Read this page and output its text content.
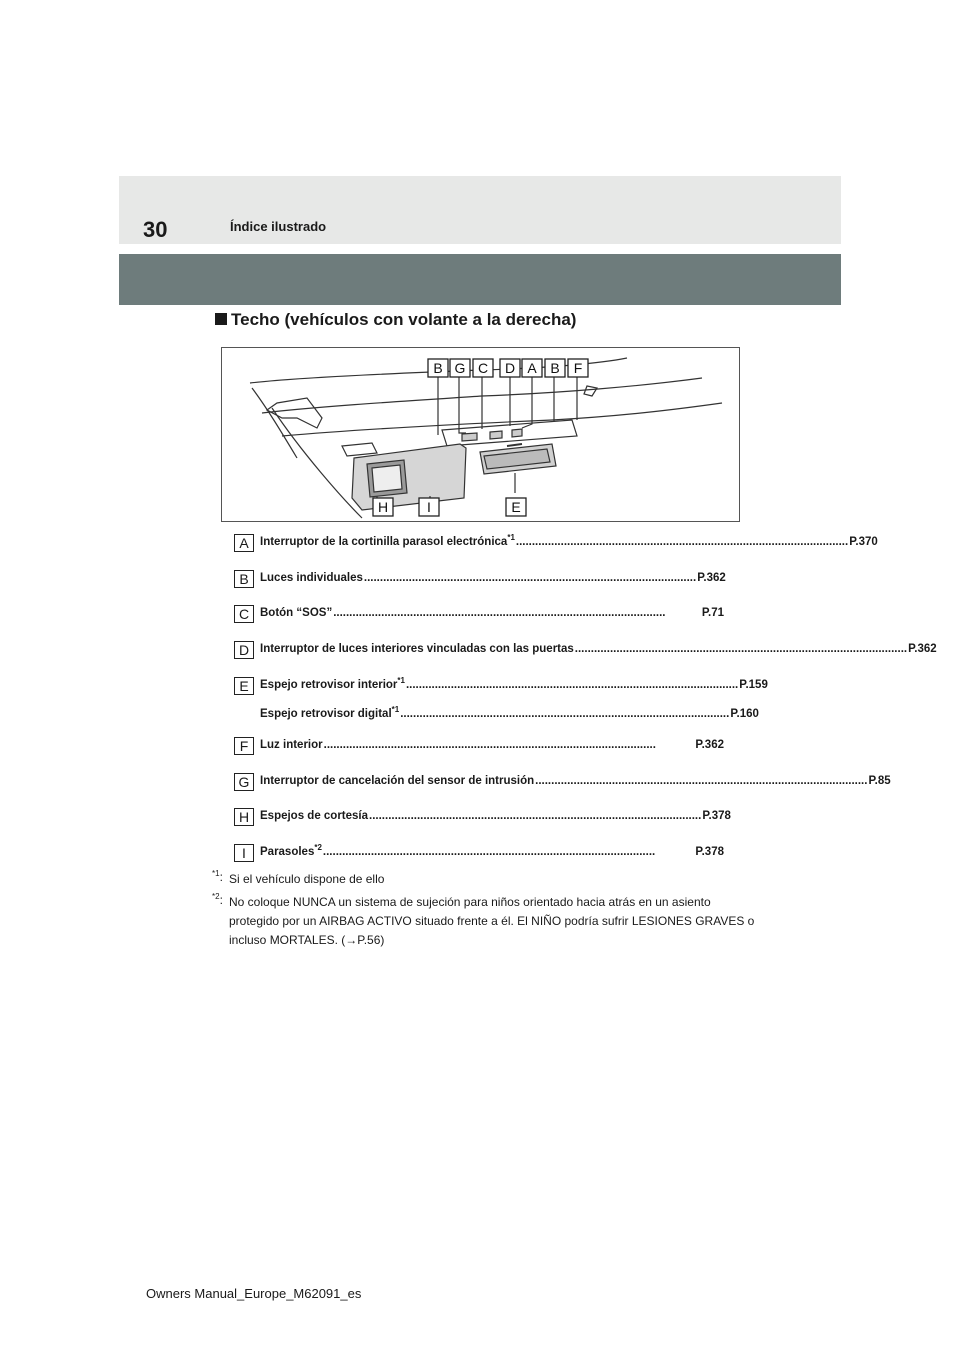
30	Índice ilustrado
Techo (vehículos con volante a la derecha)
B G C D A B F
H	I	E
A Interruptor de la cortinilla parasol electrónica$^{*1}$ ........................................................................................................ P.370
B Luces individuales ........................................................................................................ P.362
C Botón “SOS” ........................................................................................................	P.71
D Interruptor de luces interiores vinculadas con las puertas ........................................................................................................ P.362
E Espejo retrovisor interior$^{*1}$ ........................................................................................................ P.159
Espejo retrovisor digital$^{*1}$ ....................................................................................................... P.160
F	Luz interior ........................................................................................................	P.362
G Interruptor de cancelación del sensor de intrusión ........................................................................................................ P.85
H Espejos de cortesía ........................................................................................................ P.378
I	Parasoles$^{*2}$ ........................................................................................................	P.378
$^{*1}$: Si el vehículo dispone de ello
$^{*2}$: No coloque NUNCA un sistema de sujeción para niños orientado hacia atrás en un asiento protegido por un AIRBAG ACTIVO situado frente a él. El NIÑO podría sufrir LESIONES GRAVES o incluso MORTALES. (→P.56)
Owners Manual_Europe_M62091_es
